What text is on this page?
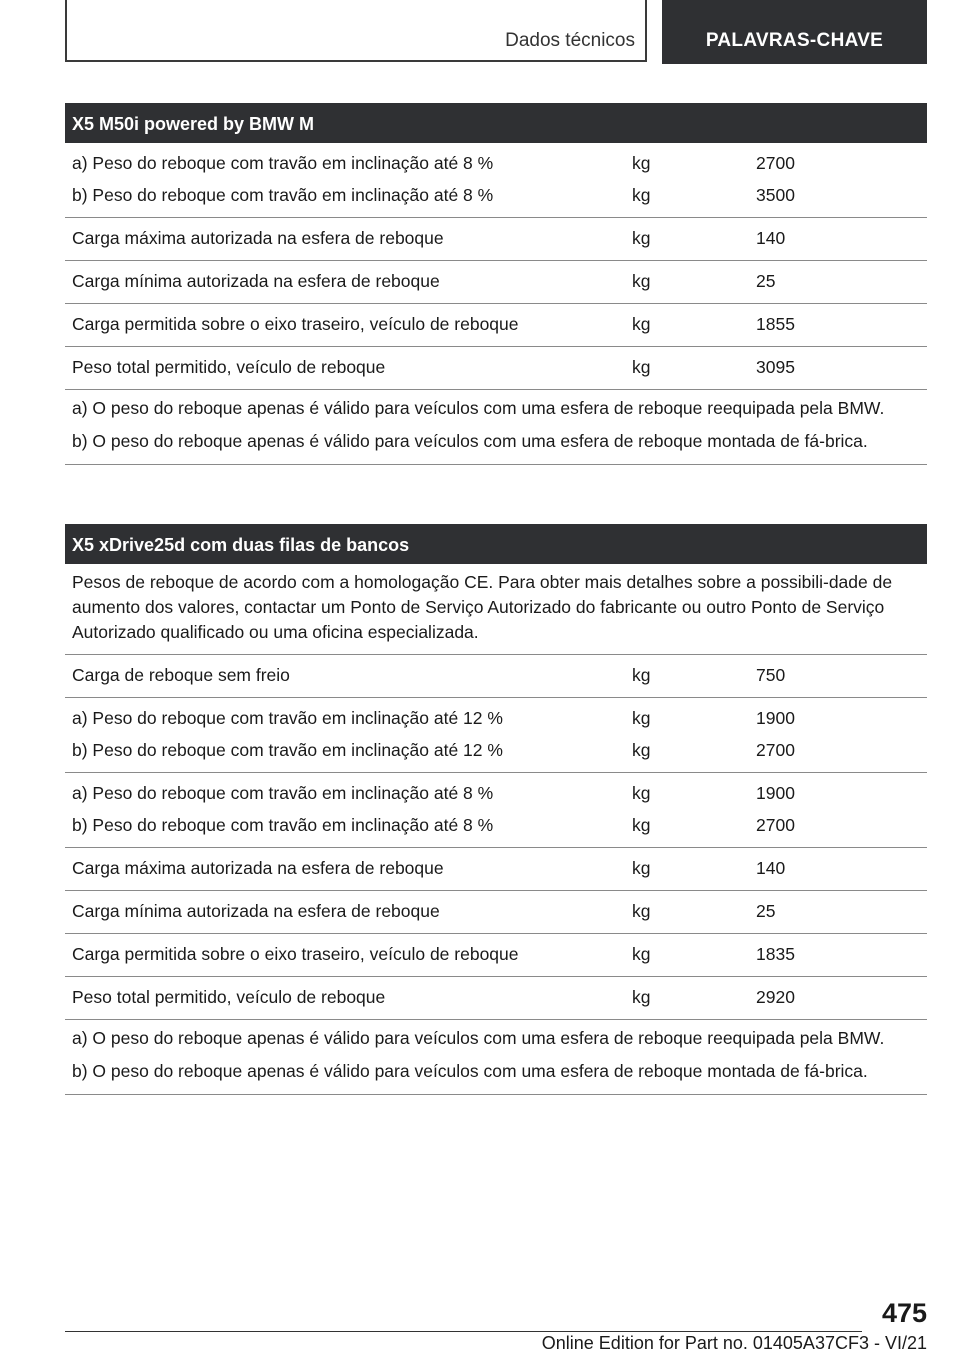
Dados técnicos	PALAVRAS-CHAVE
X5 M50i powered by BMW M
a) Peso do reboque com travão em inclinação até 8 %	kg	2700
b) Peso do reboque com travão em inclinação até 8 %	kg	3500
Carga máxima autorizada na esfera de reboque	kg	140
Carga mínima autorizada na esfera de reboque	kg	25
Carga permitida sobre o eixo traseiro, veículo de reboque	kg	1855
Peso total permitido, veículo de reboque	kg	3095

a) O peso do reboque apenas é válido para veículos com uma esfera de reboque reequipada pela BMW.

b) O peso do reboque apenas é válido para veículos com uma esfera de reboque montada de fá-brica.

X5 xDrive25d com duas filas de bancos
Pesos de reboque de acordo com a homologação CE. Para obter mais detalhes sobre a possibili-dade de aumento dos valores, contactar um Ponto de Serviço Autorizado do fabricante ou outro Ponto de Serviço Autorizado qualificado ou uma oficina especializada.
Carga de reboque sem freio	kg	750
a) Peso do reboque com travão em inclinação até 12 %	kg	1900
b) Peso do reboque com travão em inclinação até 12 %	kg	2700
a) Peso do reboque com travão em inclinação até 8 %	kg	1900
b) Peso do reboque com travão em inclinação até 8 %	kg	2700
Carga máxima autorizada na esfera de reboque	kg	140
Carga mínima autorizada na esfera de reboque	kg	25
Carga permitida sobre o eixo traseiro, veículo de reboque	kg	1835
Peso total permitido, veículo de reboque	kg	2920

a) O peso do reboque apenas é válido para veículos com uma esfera de reboque reequipada pela BMW.

b) O peso do reboque apenas é válido para veículos com uma esfera de reboque montada de fá-brica.

475
Online Edition for Part no. 01405A37CF3 - VI/21
